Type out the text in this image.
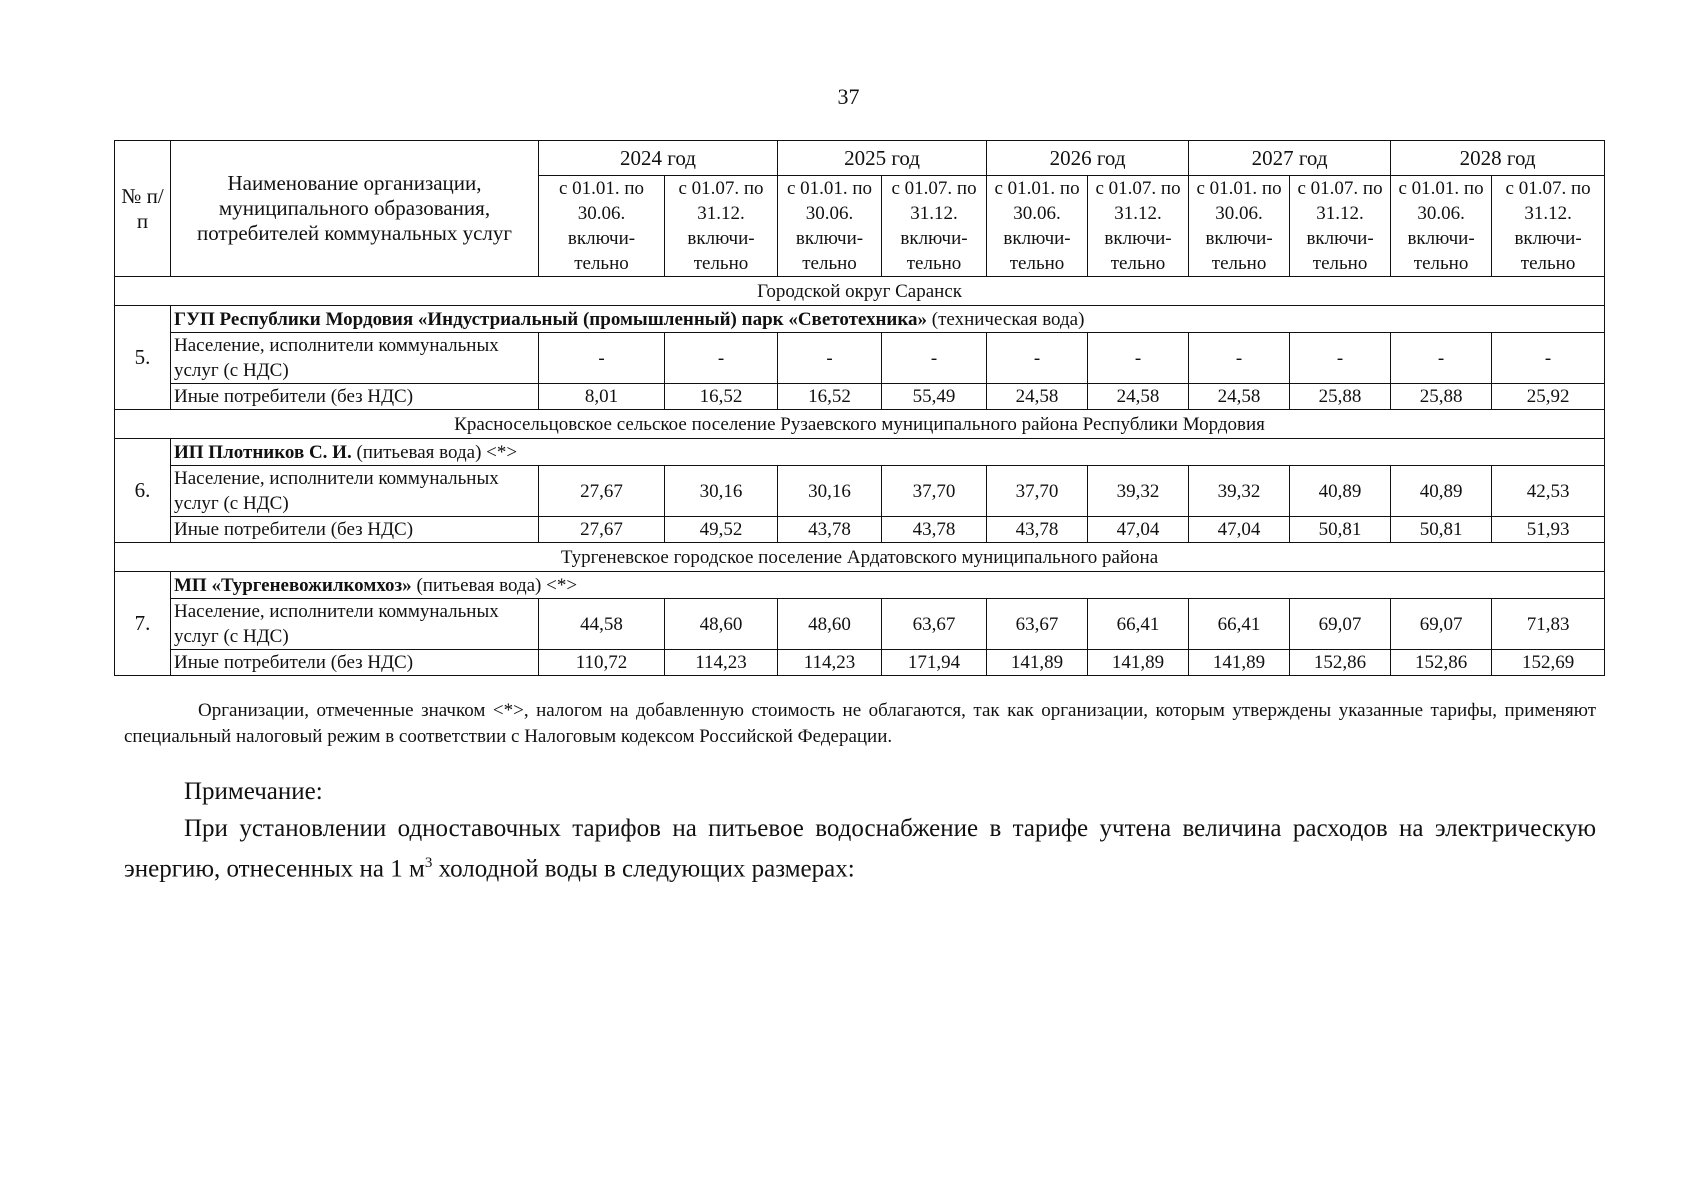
37
№ п/п	Наименование организации, муниципального образования, потребителей коммунальных услуг	2024 год		2025 год		2026 год		2027 год		2028 год	
		с 01.01. по 30.06. включи-тельно	с 01.07. по 31.12. включи-тельно	с 01.01. по 30.06. включи-тельно	с 01.07. по 31.12. включи-тельно	с 01.01. по 30.06. включи-тельно	с 01.07. по 31.12. включи-тельно	с 01.01. по 30.06. включи-тельно	с 01.07. по 31.12. включи-тельно	с 01.01. по 30.06. включи-тельно	с 01.07. по 31.12. включи-тельно
Городской округ Саранск											
5.	ГУП Республики Мордовия «Индустриальный (промышленный) парк «Светотехника» (техническая вода)										
	Население, исполнители коммунальных услуг (с НДС)	-	-	-	-	-	-	-	-	-	-
	Иные потребители (без НДС)	8,01	16,52	16,52	55,49	24,58	24,58	24,58	25,88	25,88	25,92
Красносельцовское сельское поселение Рузаевского муниципального района Республики Мордовия											
6.	ИП Плотников С. И. (питьевая вода) <*>										
	Население, исполнители коммунальных услуг (с НДС)	27,67	30,16	30,16	37,70	37,70	39,32	39,32	40,89	40,89	42,53
	Иные потребители (без НДС)	27,67	49,52	43,78	43,78	43,78	47,04	47,04	50,81	50,81	51,93
Тургеневское городское поселение Ардатовского муниципального района											
7.	МП «Тургеневожилкомхоз» (питьевая вода) <*>										
	Население, исполнители коммунальных услуг (с НДС)	44,58	48,60	48,60	63,67	63,67	66,41	66,41	69,07	69,07	71,83
	Иные потребители (без НДС)	110,72	114,23	114,23	171,94	141,89	141,89	141,89	152,86	152,86	152,69
Организации, отмеченные значком <*>, налогом на добавленную стоимость не облагаются, так как организации, которым утверждены указанные тарифы, применяют специальный налоговый режим в соответствии с Налоговым кодексом Российской Федерации.
Примечание:
При установлении одноставочных тарифов на питьевое водоснабжение в тарифе учтена величина расходов на электрическую энергию, отнесенных на 1 $м^3$ холодной воды в следующих размерах:
